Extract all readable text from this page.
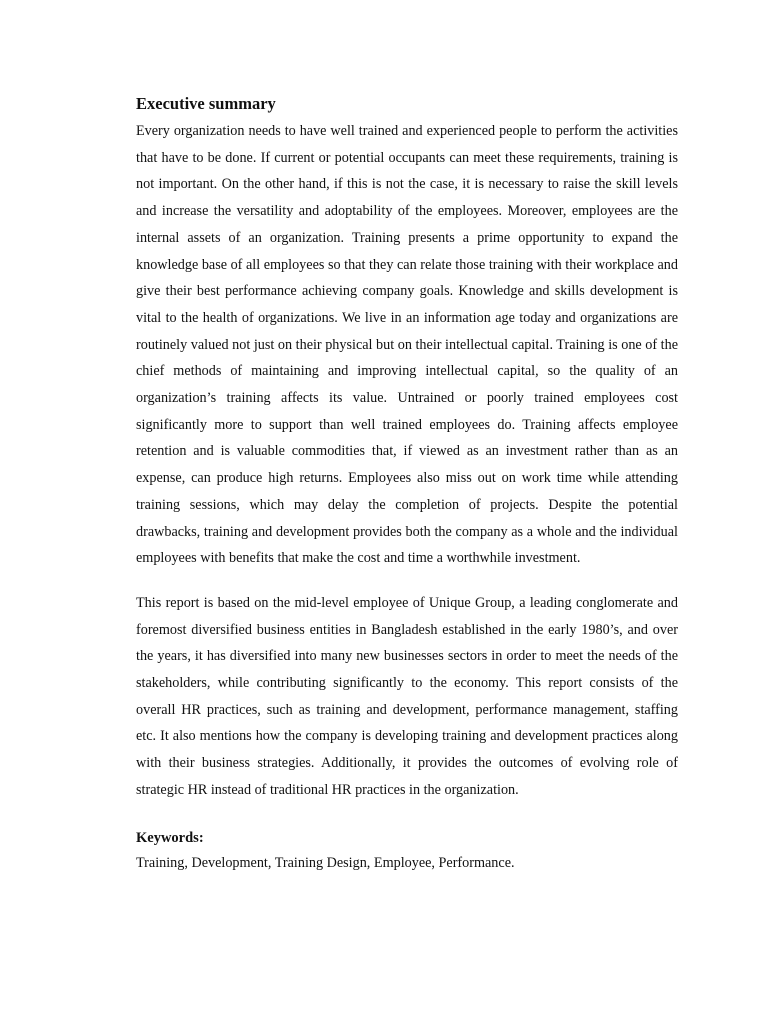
Executive summary

Every organization needs to have well trained and experienced people to perform the activities that have to be done. If current or potential occupants can meet these requirements, training is not important. On the other hand, if this is not the case, it is necessary to raise the skill levels and increase the versatility and adoptability of the employees. Moreover, employees are the internal assets of an organization. Training presents a prime opportunity to expand the knowledge base of all employees so that they can relate those training with their workplace and give their best performance achieving company goals. Knowledge and skills development is vital to the health of organizations. We live in an information age today and organizations are routinely valued not just on their physical but on their intellectual capital. Training is one of the chief methods of maintaining and improving intellectual capital, so the quality of an organization’s training affects its value. Untrained or poorly trained employees cost significantly more to support than well trained employees do. Training affects employee retention and is valuable commodities that, if viewed as an investment rather than as an expense, can produce high returns. Employees also miss out on work time while attending training sessions, which may delay the completion of projects. Despite the potential drawbacks, training and development provides both the company as a whole and the individual employees with benefits that make the cost and time a worthwhile investment.

This report is based on the mid-level employee of Unique Group, a leading conglomerate and foremost diversified business entities in Bangladesh established in the early 1980’s, and over the years, it has diversified into many new businesses sectors in order to meet the needs of the stakeholders, while contributing significantly to the economy. This report consists of the overall HR practices, such as training and development, performance management, staffing etc. It also mentions how the company is developing training and development practices along with their business strategies. Additionally, it provides the outcomes of evolving role of strategic HR instead of traditional HR practices in the organization.

Keywords:

Training, Development, Training Design, Employee, Performance.
